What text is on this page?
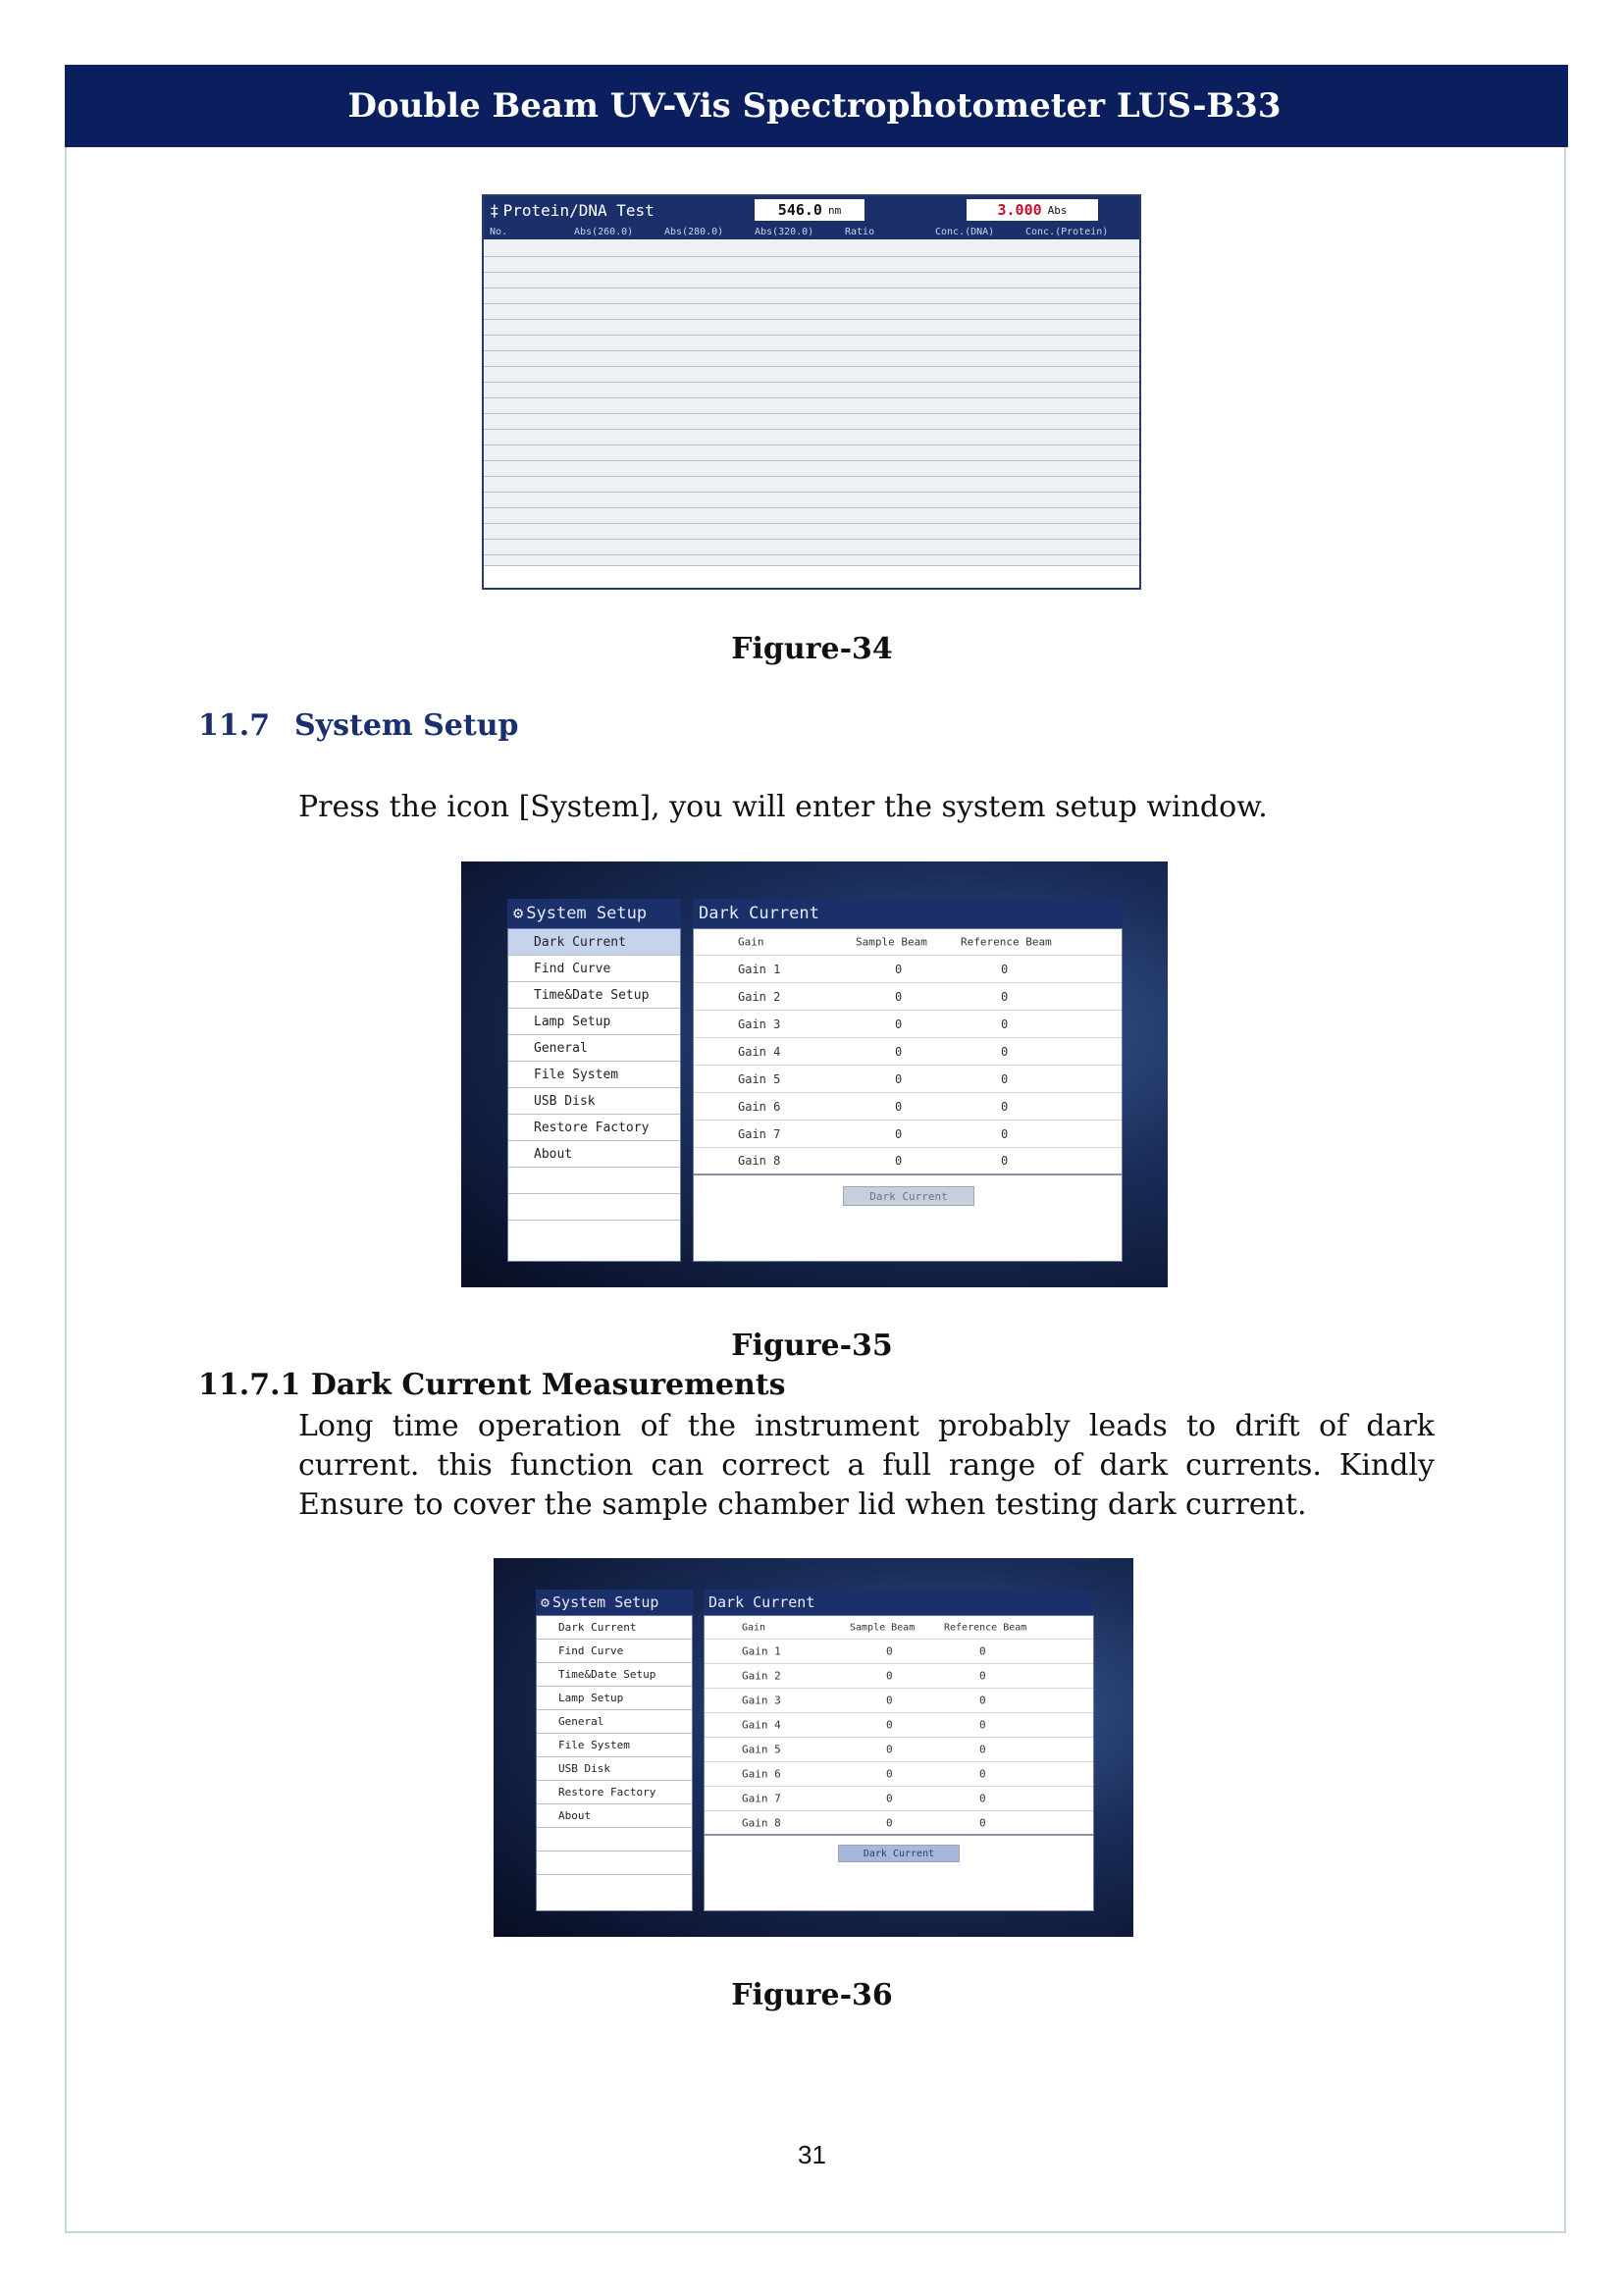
Double Beam UV-Vis Spectrophotometer LUS-B33
‡ Protein/DNA Test	546.0 nm	3.000 Abs
No.	Abs(260.0)	Abs(280.0)	Abs(320.0)	Ratio	Conc.(DNA)	Conc.(Protein)
Figure-34
11.7 System Setup
Press the icon [System], you will enter the system setup window.
⚙ System Setup
Dark Current
Find Curve
Time&Date Setup
Lamp Setup
General
File System
USB Disk
Restore Factory
About
Dark Current
Gain	Sample Beam	Reference Beam
Gain 1	0	0
Gain 2	0	0
Gain 3	0	0
Gain 4	0	0
Gain 5	0	0
Gain 6	0	0
Gain 7	0	0
Gain 8	0	0
Dark Current
Figure-35
11.7.1 Dark Current Measurements
Long time operation of the instrument probably leads to drift of dark current. this function can correct a full range of dark currents. Kindly Ensure to cover the sample chamber lid when testing dark current.
⚙ System Setup
Dark Current
Find Curve
Time&Date Setup
Lamp Setup
General
File System
USB Disk
Restore Factory
About
Dark Current
Gain	Sample Beam	Reference Beam
Gain 1	0	0
Gain 2	0	0
Gain 3	0	0
Gain 4	0	0
Gain 5	0	0
Gain 6	0	0
Gain 7	0	0
Gain 8	0	0
Dark Current
Figure-36
31
